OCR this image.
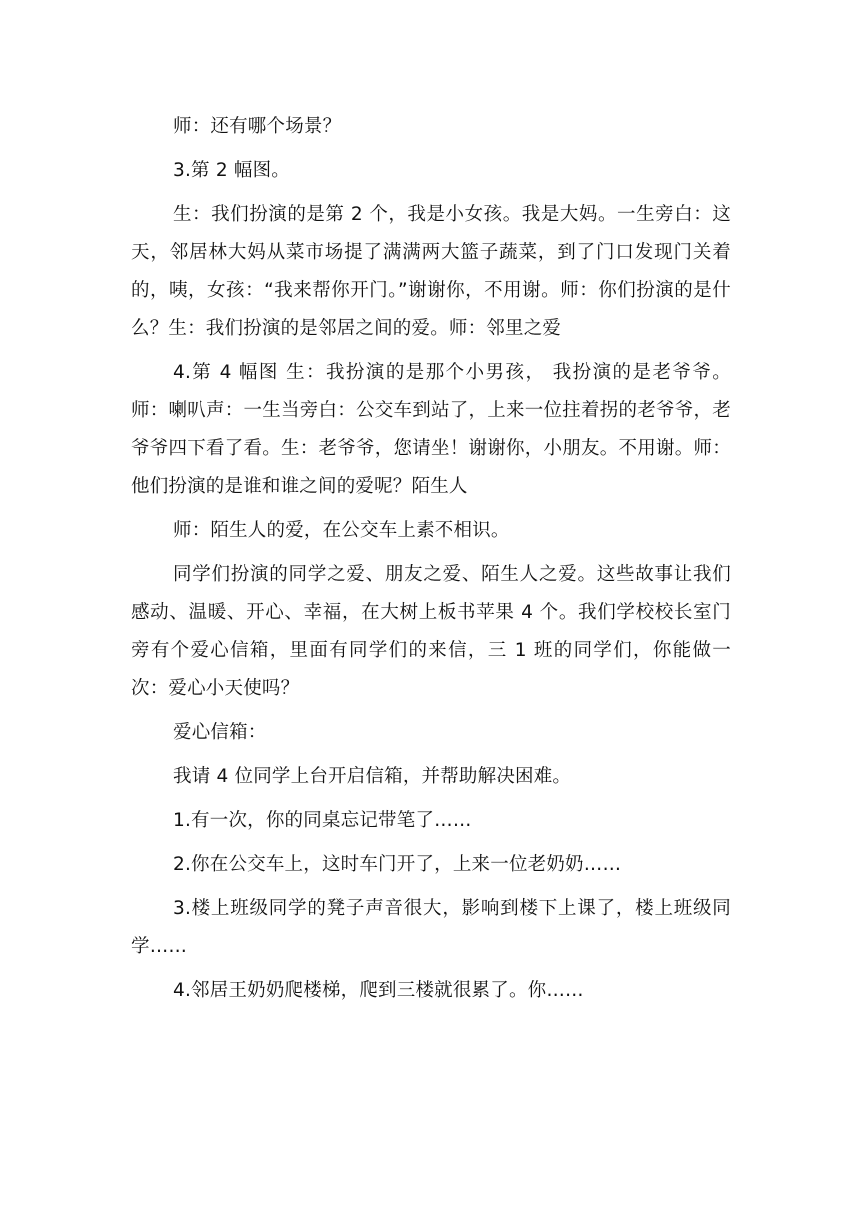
师：还有哪个场景？

3.第 2 幅图。

生：我们扮演的是第 2 个，我是小女孩。我是大妈。一生旁白：这天，邻居林大妈从菜市场提了满满两大篮子蔬菜，到了门口发现门关着的，咦，女孩：“我来帮你开门。”谢谢你，不用谢。师：你们扮演的是什么？生：我们扮演的是邻居之间的爱。师：邻里之爱

4.第 4 幅图 生：我扮演的是那个小男孩， 我扮演的是老爷爷。师：喇叭声：一生当旁白：公交车到站了，上来一位拄着拐的老爷爷，老爷爷四下看了看。生：老爷爷，您请坐！谢谢你，小朋友。不用谢。师：他们扮演的是谁和谁之间的爱呢？陌生人

师：陌生人的爱，在公交车上素不相识。

同学们扮演的同学之爱、朋友之爱、陌生人之爱。这些故事让我们感动、温暖、开心、幸福，在大树上板书苹果 4 个。我们学校校长室门旁有个爱心信箱，里面有同学们的来信，三 1 班的同学们，你能做一次：爱心小天使吗？

爱心信箱：

我请 4 位同学上台开启信箱，并帮助解决困难。

1.有一次，你的同桌忘记带笔了……

2.你在公交车上，这时车门开了，上来一位老奶奶……

3.楼上班级同学的凳子声音很大，影响到楼下上课了，楼上班级同学……

4.邻居王奶奶爬楼梯，爬到三楼就很累了。你……
